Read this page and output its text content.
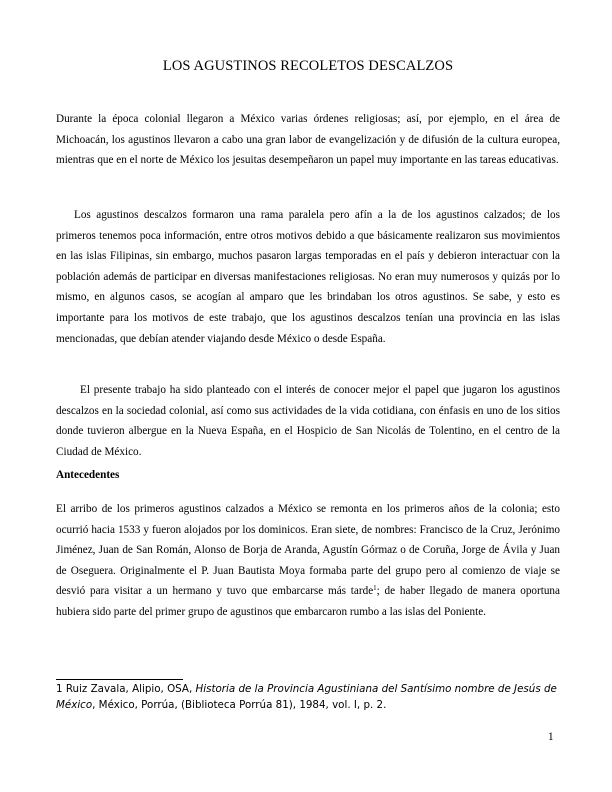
LOS AGUSTINOS RECOLETOS DESCALZOS

Durante la época colonial llegaron a México varias órdenes religiosas; así, por ejemplo, en el área de Michoacán, los agustinos llevaron a cabo una gran labor de evangelización y de difusión de la cultura europea, mientras que en el norte de México los jesuitas desempeñaron un papel muy importante en las tareas educativas.

Los agustinos descalzos formaron una rama paralela pero afín a la de los agustinos calzados; de los primeros tenemos poca información, entre otros motivos debido a que básicamente realizaron sus movimientos en las islas Filipinas, sin embargo, muchos pasaron largas temporadas en el país y debieron interactuar con la población además de participar en diversas manifestaciones religiosas. No eran muy numerosos y quizás por lo mismo, en algunos casos, se acogían al amparo que les brindaban los otros agustinos. Se sabe, y esto es importante para los motivos de este trabajo, que los agustinos descalzos tenían una provincia en las islas mencionadas, que debían atender viajando desde México o desde España.

El presente trabajo ha sido planteado con el interés de conocer mejor el papel que jugaron los agustinos descalzos en la sociedad colonial, así como sus actividades de la vida cotidiana, con énfasis en uno de los sitios donde tuvieron albergue en la Nueva España, en el Hospicio de San Nicolás de Tolentino, en el centro de la Ciudad de México.

Antecedentes

El arribo de los primeros agustinos calzados a México se remonta en los primeros años de la colonia; esto ocurrió hacia 1533 y fueron alojados por los dominicos. Eran siete, de nombres: Francisco de la Cruz, Jerónimo Jiménez, Juan de San Román, Alonso de Borja de Aranda, Agustín Górmaz o de Coruña, Jorge de Ávila y Juan de Oseguera. Originalmente el P. Juan Bautista Moya formaba parte del grupo pero al comienzo de viaje se desvió para visitar a un hermano y tuvo que embarcarse más tarde$^1$; de haber llegado de manera oportuna hubiera sido parte del primer grupo de agustinos que embarcaron rumbo a las islas del Poniente.

1 Ruiz Zavala, Alipio, OSA, Historia de la Provincia Agustiniana del Santísimo nombre de Jesús de México, México, Porrúa, (Biblioteca Porrúa 81), 1984, vol. I, p. 2.

1
